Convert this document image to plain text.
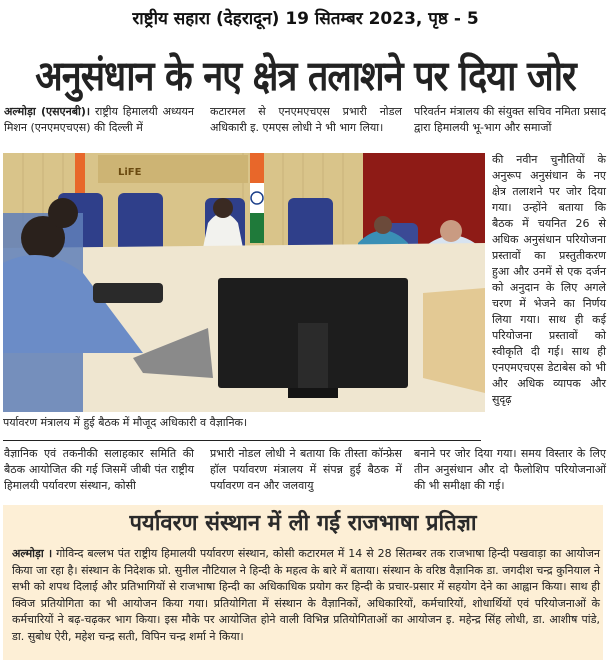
राष्ट्रीय सहारा (देहरादून) 19 सितम्बर 2023, पृष्ठ - 5
अनुसंधान के नए क्षेत्र तलाशने पर दिया जोर

अल्मोड़ा (एसएनबी)। राष्ट्रीय हिमालयी अध्ययन मिशन (एनएमएचएस) की दिल्ली में

कटारमल से एनएमएचएस प्रभारी नोडल अधिकारी इ. एमएस लोधी ने भी भाग लिया।
परिवर्तन मंत्रालय की संयुक्त सचिव नमिता प्रसाद द्वारा हिमालयी भू-भाग और समाजों
LiFE
की नवीन चुनौतियों के अनुरूप अनुसंधान के नए क्षेत्र तलाशने पर जोर दिया गया। उन्होंने बताया कि बैठक में चयनित 26 से अधिक अनुसंधान परियोजना प्रस्तावों का प्रस्तुतीकरण हुआ और उनमें से एक दर्जन को अनुदान के लिए अगले चरण में भेजने का निर्णय लिया गया। साथ ही कई परियोजना प्रस्तावों को स्वीकृति दी गई। साथ ही एनएमएचएस डेटाबेस को भी और अधिक व्यापक और सुदृढ़
पर्यावरण मंत्रालय में हुई बैठक में मौजूद अधिकारी व वैज्ञानिक।
वैज्ञानिक एवं तकनीकी सलाहकार समिति की बैठक आयोजित की गई जिसमें जीबी पंत राष्ट्रीय हिमालयी पर्यावरण संस्थान, कोसी
प्रभारी नोडल लोधी ने बताया कि तीस्ता कॉन्फ्रेस हॉल पर्यावरण मंत्रालय में संपन्न हुई बैठक में पर्यावरण वन और जलवायु
बनाने पर जोर दिया गया। समय विस्तार के लिए तीन अनुसंधान और दो फैलोशिप परियोजनाओं की भी समीक्षा की गई।
पर्यावरण संस्थान में ली गई राजभाषा प्रतिज्ञा
अल्मोड़ा । गोविन्द बल्लभ पंत राष्ट्रीय हिमालयी पर्यावरण संस्थान, कोसी कटारमल में 14 से 28 सितम्बर तक राजभाषा हिन्दी पखवाड़ा का आयोजन किया जा रहा है। संस्थान के निदेशक प्रो. सुनील नौटियाल ने हिन्दी के महत्व के बारे में बताया। संस्थान के वरिष्ठ वैज्ञानिक डा. जगदीश चन्द्र कुनियाल ने सभी को शपथ दिलाई और प्रतिभागियों से राजभाषा हिन्दी का अधिकाधिक प्रयोग कर हिन्दी के प्रचार-प्रसार में सहयोग देने का आह्वान किया। साथ ही क्विज प्रतियोगिता का भी आयोजन किया गया। प्रतियोगिता में संस्थान के वैज्ञानिकों, अधिकारियों, कर्मचारियों, शोधार्थियों एवं परियोजनाओं के कर्मचारियों ने बढ़-चढ़कर भाग किया। इस मौके पर आयोजित होने वाली विभिन्न प्रतियोगिताओं का आयोजन इ. महेन्द्र सिंह लोधी, डा. आशीष पांडे, डा. सुबोध ऐरी, महेश चन्द्र सती, विपिन चन्द्र शर्मा ने किया।
